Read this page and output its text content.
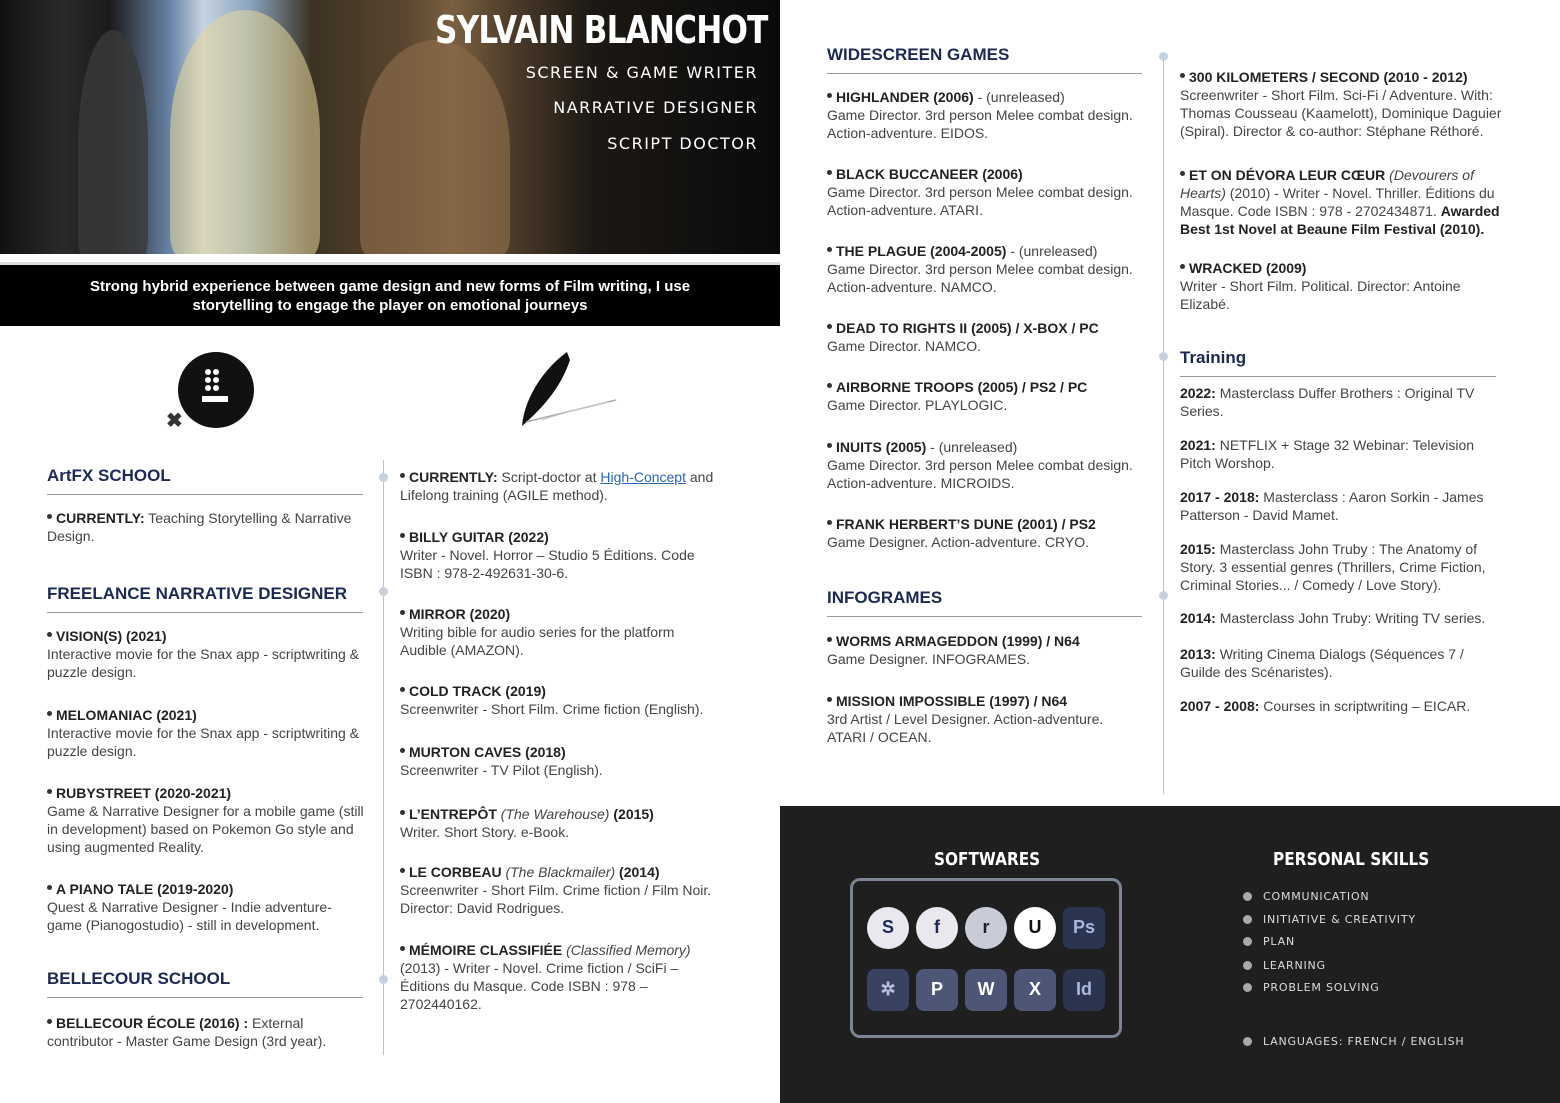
SYLVAIN BLANCHOT
SCREEN & GAME WRITER
NARRATIVE DESIGNER
SCRIPT DOCTOR
Strong hybrid experience between game design and new forms of Film writing, I use
storytelling to engage the player on emotional journeys
✖
ArtFX SCHOOL
CURRENTLY: Teaching Storytelling & Narrative Design.
FREELANCE NARRATIVE DESIGNER
VISION(S) (2021)
Interactive movie for the Snax app - scriptwriting & puzzle design.
MELOMANIAC (2021)
Interactive movie for the Snax app - scriptwriting & puzzle design.
RUBYSTREET (2020-2021)
Game & Narrative Designer for a mobile game (still in development) based on Pokemon Go style and using augmented Reality.
A PIANO TALE (2019-2020)
Quest & Narrative Designer - Indie adventure-game (Pianogostudio) - still in development.
BELLECOUR SCHOOL
BELLECOUR ÉCOLE (2016) : External contributor - Master Game Design (3rd year).
CURRENTLY: Script-doctor at High-Concept and Lifelong training (AGILE method).
BILLY GUITAR (2022)
Writer - Novel. Horror – Studio 5 Éditions. Code ISBN : 978-2-492631-30-6.
MIRROR (2020)
Writing bible for audio series for the platform Audible (AMAZON).
COLD TRACK (2019)
Screenwriter - Short Film. Crime fiction (English).
MURTON CAVES (2018)
Screenwriter - TV Pilot (English).
L’ENTREPÔT (The Warehouse) (2015)
Writer. Short Story. e-Book.
LE CORBEAU (The Blackmailer) (2014)
Screenwriter - Short Film. Crime fiction / Film Noir. Director: David Rodrigues.
MÉMOIRE CLASSIFIÉE (Classified Memory)
(2013) - Writer - Novel. Crime fiction / SciFi – Éditions du Masque. Code ISBN : 978 – 2702440162.
WIDESCREEN GAMES
HIGHLANDER (2006) - (unreleased)
Game Director. 3rd person Melee combat design. Action-adventure. EIDOS.
BLACK BUCCANEER (2006)
Game Director. 3rd person Melee combat design. Action-adventure. ATARI.
THE PLAGUE (2004-2005) - (unreleased)
Game Director. 3rd person Melee combat design. Action-adventure. NAMCO.
DEAD TO RIGHTS II (2005) / X-BOX / PC
Game Director. NAMCO.
AIRBORNE TROOPS (2005) / PS2 / PC
Game Director. PLAYLOGIC.
INUITS (2005) - (unreleased)
Game Director. 3rd person Melee combat design. Action-adventure. MICROIDS.
FRANK HERBERT’S DUNE (2001) / PS2
Game Designer. Action-adventure. CRYO.
INFOGRAMES
WORMS ARMAGEDDON (1999) / N64
Game Designer. INFOGRAMES.
MISSION IMPOSSIBLE (1997) / N64
3rd Artist / Level Designer. Action-adventure. ATARI / OCEAN.
300 KILOMETERS / SECOND (2010 - 2012)
Screenwriter - Short Film. Sci-Fi / Adventure. With: Thomas Cousseau (Kaamelott), Dominique Daguier (Spiral). Director & co-author: Stéphane Réthoré.
ET ON DÉVORA LEUR CŒUR (Devourers of Hearts) (2010) - Writer - Novel. Thriller. Éditions du Masque. Code ISBN : 978 - 2702434871. Awarded Best 1st Novel at Beaune Film Festival (2010).
WRACKED (2009)
Writer - Short Film. Political. Director: Antoine Elizabé.
Training
2022: Masterclass Duffer Brothers : Original TV Series.
2021: NETFLIX + Stage 32 Webinar: Television Pitch Worshop.
2017 - 2018: Masterclass : Aaron Sorkin - James Patterson - David Mamet.
2015: Masterclass John Truby : The Anatomy of Story. 3 essential genres (Thrillers, Crime Fiction, Criminal Stories... / Comedy / Love Story).
2014: Masterclass John Truby: Writing TV series.
2013: Writing Cinema Dialogs (Séquences 7 / Guilde des Scénaristes).
2007 - 2008: Courses in scriptwriting – EICAR.
SOFTWARES
S	f	r	U	Ps
✲	P	W	X	Id
PERSONAL SKILLS
COMMUNICATION
INITIATIVE & CREATIVITY
PLAN
LEARNING
PROBLEM SOLVING
LANGUAGES: FRENCH / ENGLISH
